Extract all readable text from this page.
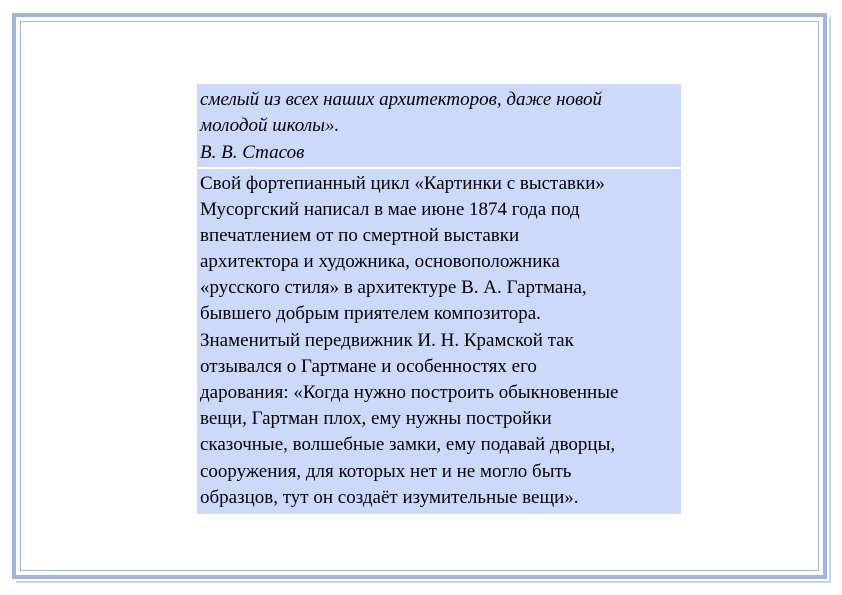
смелый из всех наших архитекторов, даже новой
молодой школы».
В. В. Стасов
Свой фортепианный цикл «Картинки с выставки»
Мусоргский написал в мае июне 1874 года под
впечатлением от по смертной выставки
архитектора и художника, основоположника
«русского стиля» в архитектуре В. А. Гартмана,
бывшего добрым приятелем композитора.
Знаменитый передвижник И. Н. Крамской так
отзывался о Гартмане и особенностях его
дарования: «Когда нужно построить обыкновенные
вещи, Гартман плох, ему нужны постройки
сказочные, волшебные замки, ему подавай дворцы,
сооружения, для которых нет и не могло быть
образцов, тут он создаёт изумительные вещи».
